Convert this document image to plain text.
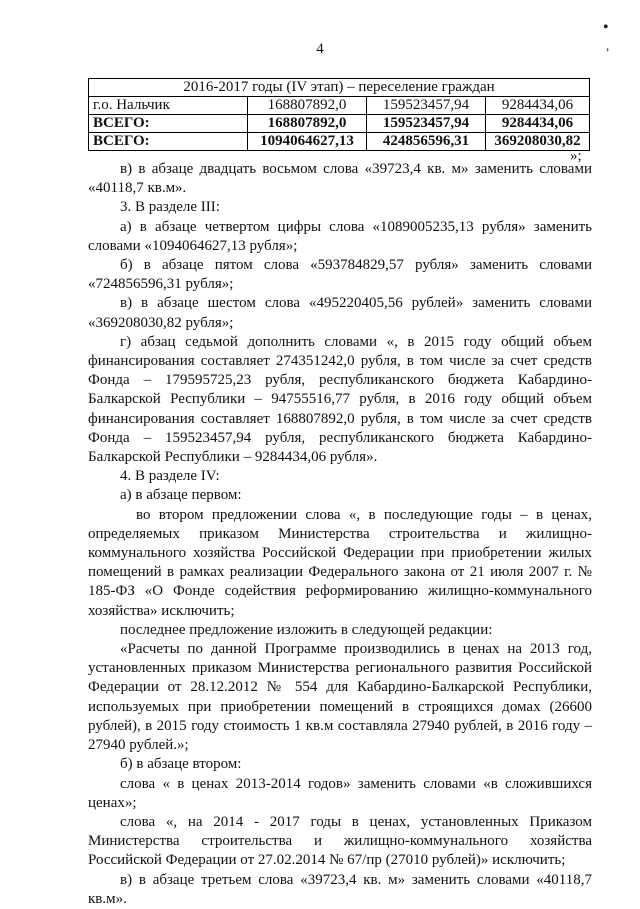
4
•
,
2016-2017 годы (IV этап) – переселение граждан			
г.о. Нальчик	168807892,0	159523457,94	9284434,06
ВСЕГО:	168807892,0	159523457,94	9284434,06
ВСЕГО:	1094064627,13	424856596,31	369208030,82
»;

в) в абзаце двадцать восьмом слова «39723,4 кв. м» заменить словами «40118,7 кв.м».

3. В разделе III:

а) в абзаце четвертом цифры слова «1089005235,13 рубля» заменить словами «1094064627,13 рубля»;

б) в абзаце пятом слова «593784829,57 рубля» заменить словами «724856596,31 рубля»;

в) в абзаце шестом слова «495220405,56 рублей» заменить словами «369208030,82 рубля»;

г) абзац седьмой дополнить словами «, в 2015 году общий объем финансирования составляет 274351242,0 рубля, в том числе за счет средств Фонда – 179595725,23 рубля, республиканского бюджета Кабардино-Балкарской Республики – 94755516,77 рубля, в 2016 году общий объем финансирования составляет 168807892,0 рубля, в том числе за счет средств Фонда – 159523457,94 рубля, республиканского бюджета Кабардино-Балкарской Республики – 9284434,06 рубля».

4. В разделе IV:

а) в абзаце первом:

во втором предложении слова «, в последующие годы – в ценах, определяемых приказом Министерства строительства и жилищно-коммунального хозяйства Российской Федерации при приобретении жилых помещений в рамках реализации Федерального закона от 21 июля 2007 г. № 185-ФЗ «О Фонде содействия реформированию жилищно-коммунального хозяйства» исключить;

последнее предложение изложить в следующей редакции:

«Расчеты по данной Программе производились в ценах на 2013 год, установленных приказом Министерства регионального развития Российской Федерации от 28.12.2012 № 554 для Кабардино-Балкарской Республики, используемых при приобретении помещений в строящихся домах (26600 рублей), в 2015 году стоимость 1 кв.м составляла 27940 рублей, в 2016 году – 27940 рублей.»;

б) в абзаце втором:

слова « в ценах 2013-2014 годов» заменить словами «в сложившихся ценах»;

слова «, на 2014 - 2017 годы в ценах, установленных Приказом Министерства строительства и жилищно-коммунального хозяйства Российской Федерации от 27.02.2014 № 67/пр (27010 рублей)» исключить;

в) в абзаце третьем слова «39723,4 кв. м» заменить словами «40118,7 кв.м».
